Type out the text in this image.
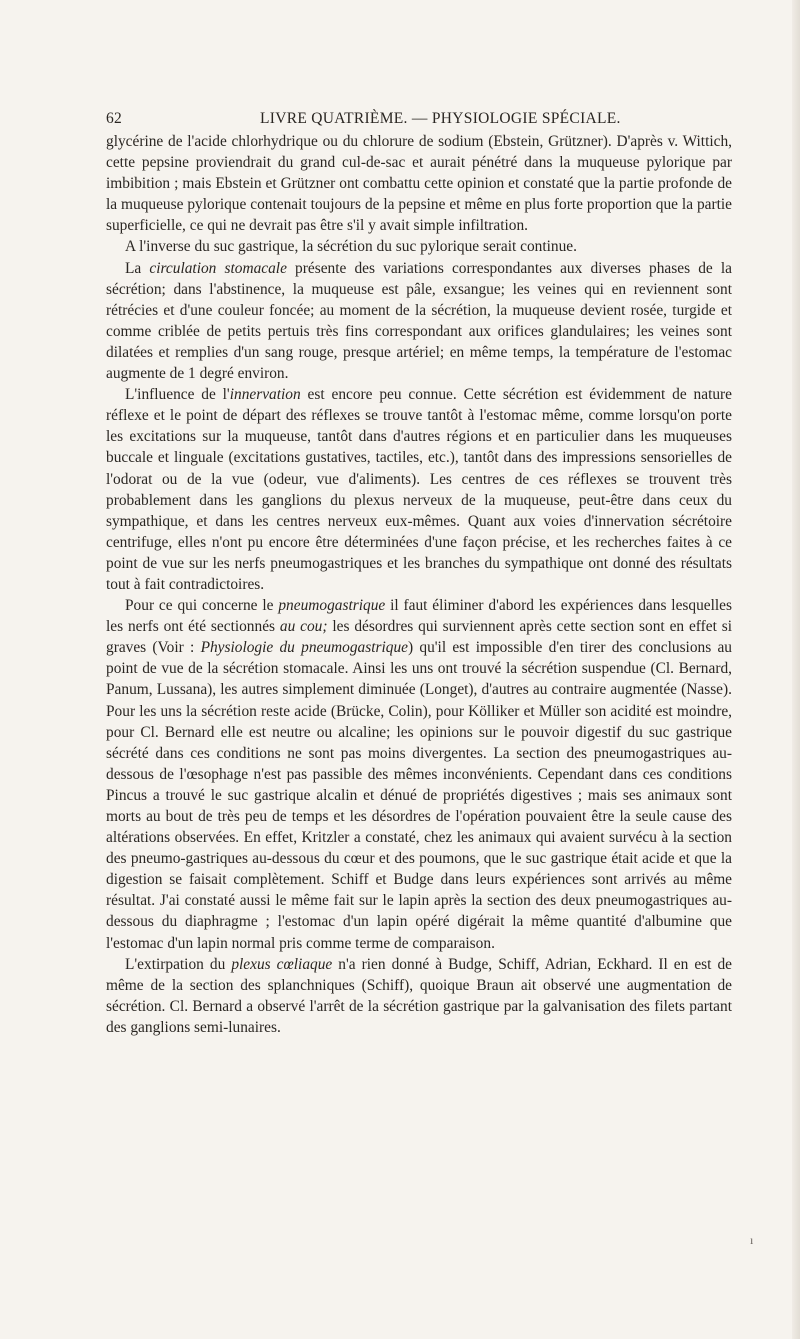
62	LIVRE QUATRIÈME. — PHYSIOLOGIE SPÉCIALE.

glycérine de l'acide chlorhydrique ou du chlorure de sodium (Ebstein, Grützner). D'après v. Wittich, cette pepsine proviendrait du grand cul-de-sac et aurait pénétré dans la muqueuse pylorique par imbibition ; mais Ebstein et Grützner ont combattu cette opinion et constaté que la partie profonde de la muqueuse pylorique contenait toujours de la pepsine et même en plus forte proportion que la partie superficielle, ce qui ne devrait pas être s'il y avait simple infiltration.

A l'inverse du suc gastrique, la sécrétion du suc pylorique serait continue.

La circulation stomacale présente des variations correspondantes aux diverses phases de la sécrétion; dans l'abstinence, la muqueuse est pâle, exsangue; les veines qui en reviennent sont rétrécies et d'une couleur foncée; au moment de la sécrétion, la muqueuse devient rosée, turgide et comme criblée de petits pertuis très fins correspondant aux orifices glandulaires; les veines sont dilatées et remplies d'un sang rouge, presque artériel; en même temps, la température de l'estomac augmente de 1 degré environ.

L'influence de l'innervation est encore peu connue. Cette sécrétion est évidemment de nature réflexe et le point de départ des réflexes se trouve tantôt à l'estomac même, comme lorsqu'on porte les excitations sur la muqueuse, tantôt dans d'autres régions et en particulier dans les muqueuses buccale et linguale (excitations gustatives, tactiles, etc.), tantôt dans des impressions sensorielles de l'odorat ou de la vue (odeur, vue d'aliments). Les centres de ces réflexes se trouvent très probablement dans les ganglions du plexus nerveux de la muqueuse, peut-être dans ceux du sympathique, et dans les centres nerveux eux-mêmes. Quant aux voies d'innervation sécrétoire centrifuge, elles n'ont pu encore être déterminées d'une façon précise, et les recherches faites à ce point de vue sur les nerfs pneumogastriques et les branches du sympathique ont donné des résultats tout à fait contradictoires.

Pour ce qui concerne le pneumogastrique il faut éliminer d'abord les expériences dans lesquelles les nerfs ont été sectionnés au cou; les désordres qui surviennent après cette section sont en effet si graves (Voir : Physiologie du pneumogastrique) qu'il est impossible d'en tirer des conclusions au point de vue de la sécrétion stomacale. Ainsi les uns ont trouvé la sécrétion suspendue (Cl. Bernard, Panum, Lussana), les autres simplement diminuée (Longet), d'autres au contraire augmentée (Nasse). Pour les uns la sécrétion reste acide (Brücke, Colin), pour Kölliker et Müller son acidité est moindre, pour Cl. Bernard elle est neutre ou alcaline; les opinions sur le pouvoir digestif du suc gastrique sécrété dans ces conditions ne sont pas moins divergentes. La section des pneumogastriques au-dessous de l'œsophage n'est pas passible des mêmes inconvénients. Cependant dans ces conditions Pincus a trouvé le suc gastrique alcalin et dénué de propriétés digestives ; mais ses animaux sont morts au bout de très peu de temps et les désordres de l'opération pouvaient être la seule cause des altérations observées. En effet, Kritzler a constaté, chez les animaux qui avaient survécu à la section des pneumo-gastriques au-dessous du cœur et des poumons, que le suc gastrique était acide et que la digestion se faisait complètement. Schiff et Budge dans leurs expériences sont arrivés au même résultat. J'ai constaté aussi le même fait sur le lapin après la section des deux pneumogastriques au-dessous du diaphragme ; l'estomac d'un lapin opéré digérait la même quantité d'albumine que l'estomac d'un lapin normal pris comme terme de comparaison.

L'extirpation du plexus cœliaque n'a rien donné à Budge, Schiff, Adrian, Eckhard. Il en est de même de la section des splanchniques (Schiff), quoique Braun ait observé une augmentation de sécrétion. Cl. Bernard a observé l'arrêt de la sécrétion gastrique par la galvanisation des filets partant des ganglions semi-lunaires.

ı
